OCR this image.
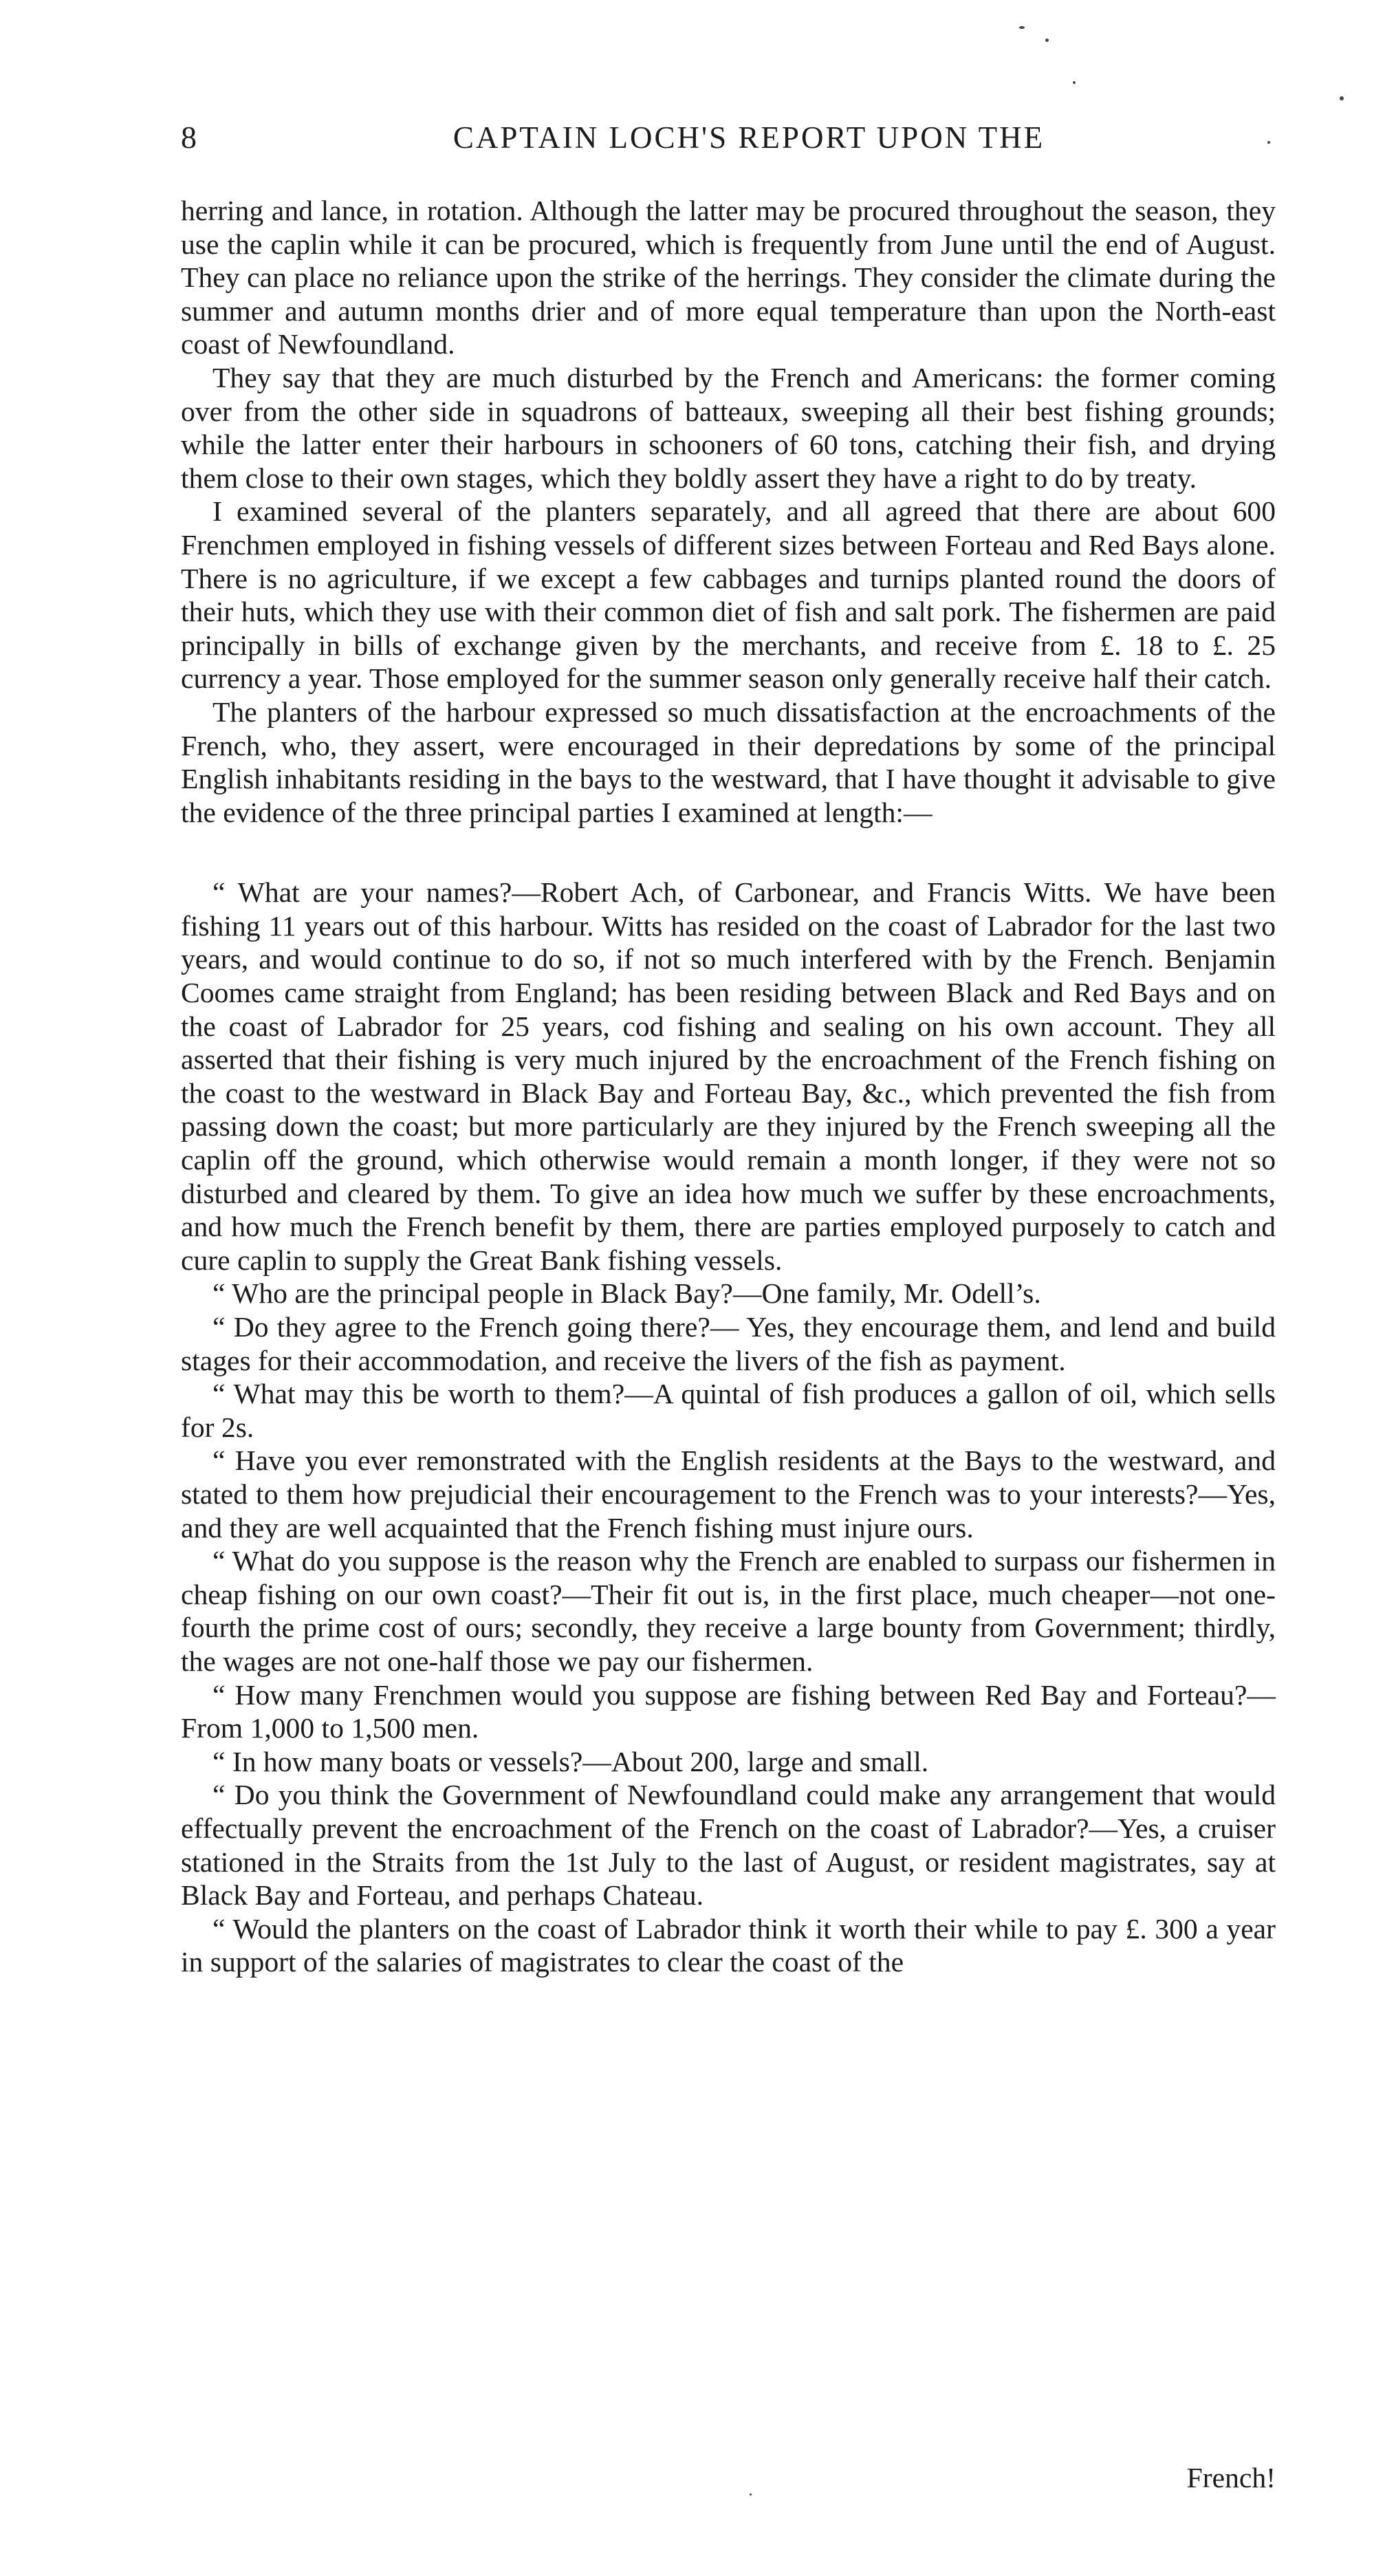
8	CAPTAIN LOCH'S REPORT UPON THE

herring and lance, in rotation. Although the latter may be procured throughout the season, they use the caplin while it can be procured, which is frequently from June until the end of August. They can place no reliance upon the strike of the herrings. They consider the climate during the summer and autumn months drier and of more equal temperature than upon the North-east coast of Newfoundland.

They say that they are much disturbed by the French and Americans: the former coming over from the other side in squadrons of batteaux, sweeping all their best fishing grounds; while the latter enter their harbours in schooners of 60 tons, catching their fish, and drying them close to their own stages, which they boldly assert they have a right to do by treaty.

I examined several of the planters separately, and all agreed that there are about 600 Frenchmen employed in fishing vessels of different sizes between Forteau and Red Bays alone. There is no agriculture, if we except a few cabbages and turnips planted round the doors of their huts, which they use with their common diet of fish and salt pork. The fishermen are paid principally in bills of exchange given by the merchants, and receive from £. 18 to £. 25 currency a year. Those employed for the summer season only generally receive half their catch.

The planters of the harbour expressed so much dissatisfaction at the encroachments of the French, who, they assert, were encouraged in their depredations by some of the principal English inhabitants residing in the bays to the westward, that I have thought it advisable to give the evidence of the three principal parties I examined at length:—

“ What are your names?—Robert Ach, of Carbonear, and Francis Witts. We have been fishing 11 years out of this harbour. Witts has resided on the coast of Labrador for the last two years, and would continue to do so, if not so much interfered with by the French. Benjamin Coomes came straight from England; has been residing between Black and Red Bays and on the coast of Labrador for 25 years, cod fishing and sealing on his own account. They all asserted that their fishing is very much injured by the encroachment of the French fishing on the coast to the westward in Black Bay and Forteau Bay, &c., which prevented the fish from passing down the coast; but more particularly are they injured by the French sweeping all the caplin off the ground, which otherwise would remain a month longer, if they were not so disturbed and cleared by them. To give an idea how much we suffer by these encroachments, and how much the French benefit by them, there are parties employed purposely to catch and cure caplin to supply the Great Bank fishing vessels.

“ Who are the principal people in Black Bay?—One family, Mr. Odell’s.

“ Do they agree to the French going there?— Yes, they encourage them, and lend and build stages for their accommodation, and receive the livers of the fish as payment.

“ What may this be worth to them?—A quintal of fish produces a gallon of oil, which sells for 2s.

“ Have you ever remonstrated with the English residents at the Bays to the westward, and stated to them how prejudicial their encouragement to the French was to your interests?—Yes, and they are well acquainted that the French fishing must injure ours.

“ What do you suppose is the reason why the French are enabled to surpass our fishermen in cheap fishing on our own coast?—Their fit out is, in the first place, much cheaper—not one-fourth the prime cost of ours; secondly, they receive a large bounty from Government; thirdly, the wages are not one-half those we pay our fishermen.

“ How many Frenchmen would you suppose are fishing between Red Bay and Forteau?—From 1,000 to 1,500 men.

“ In how many boats or vessels?—About 200, large and small.

“ Do you think the Government of Newfoundland could make any arrangement that would effectually prevent the encroachment of the French on the coast of Labrador?—Yes, a cruiser stationed in the Straits from the 1st July to the last of August, or resident magistrates, say at Black Bay and Forteau, and perhaps Chateau.

“ Would the planters on the coast of Labrador think it worth their while to pay £. 300 a year in support of the salaries of magistrates to clear the coast of the

French!
